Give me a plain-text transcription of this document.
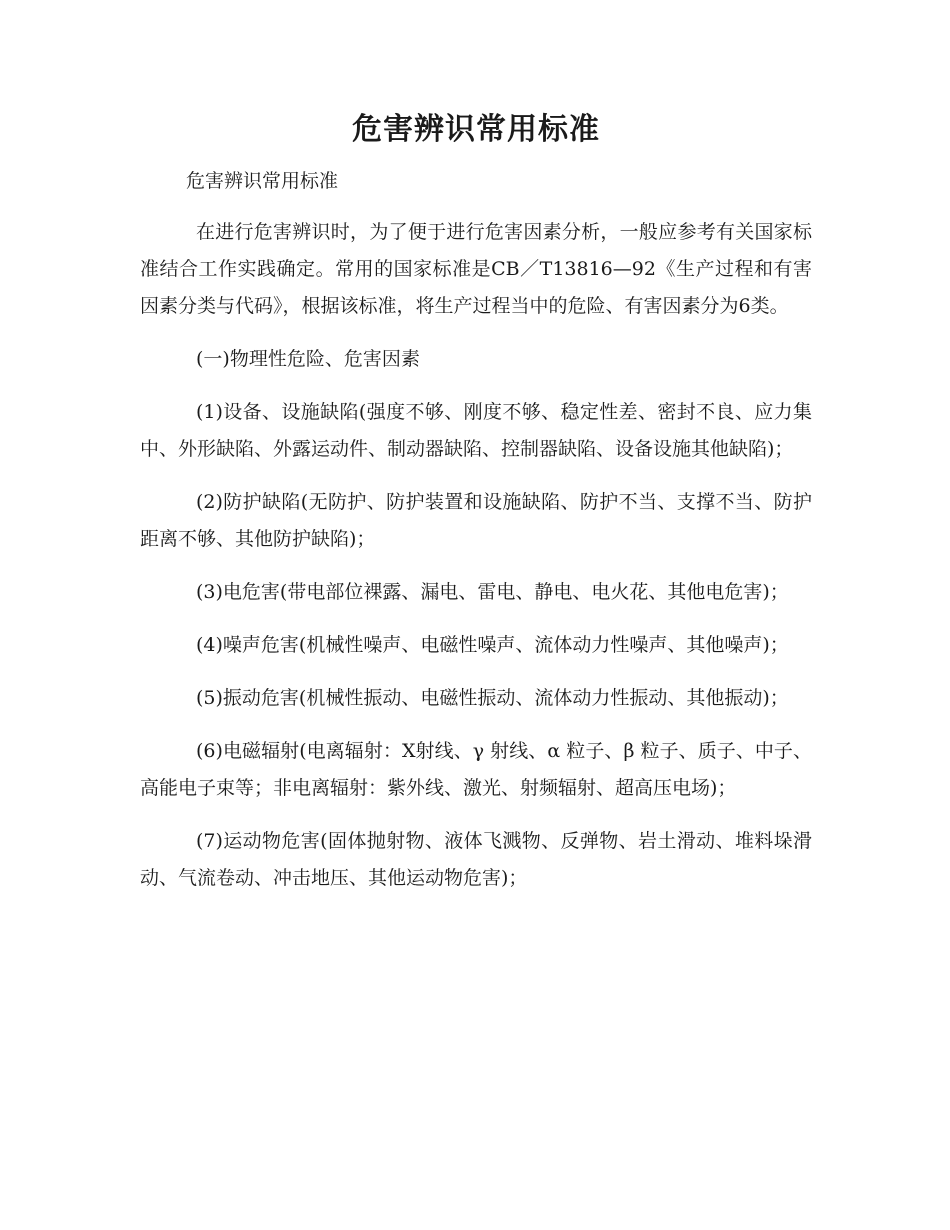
危害辨识常用标准

危害辨识常用标准

在进行危害辨识时，为了便于进行危害因素分析，一般应参考有关国家标准结合工作实践确定。常用的国家标准是CB／T13816—92《生产过程和有害因素分类与代码》，根据该标准，将生产过程当中的危险、有害因素分为6类。

(一)物理性危险、危害因素

(1)设备、设施缺陷(强度不够、刚度不够、稳定性差、密封不良、应力集中、外形缺陷、外露运动件、制动器缺陷、控制器缺陷、设备设施其他缺陷)；

(2)防护缺陷(无防护、防护装置和设施缺陷、防护不当、支撑不当、防护距离不够、其他防护缺陷)；

(3)电危害(带电部位裸露、漏电、雷电、静电、电火花、其他电危害)；

(4)噪声危害(机械性噪声、电磁性噪声、流体动力性噪声、其他噪声)；

(5)振动危害(机械性振动、电磁性振动、流体动力性振动、其他振动)；

(6)电磁辐射(电离辐射：X射线、γ 射线、α 粒子、β 粒子、质子、中子、高能电子束等；非电离辐射：紫外线、激光、射频辐射、超高压电场)；

(7)运动物危害(固体抛射物、液体飞溅物、反弹物、岩土滑动、堆料垛滑动、气流卷动、冲击地压、其他运动物危害)；
